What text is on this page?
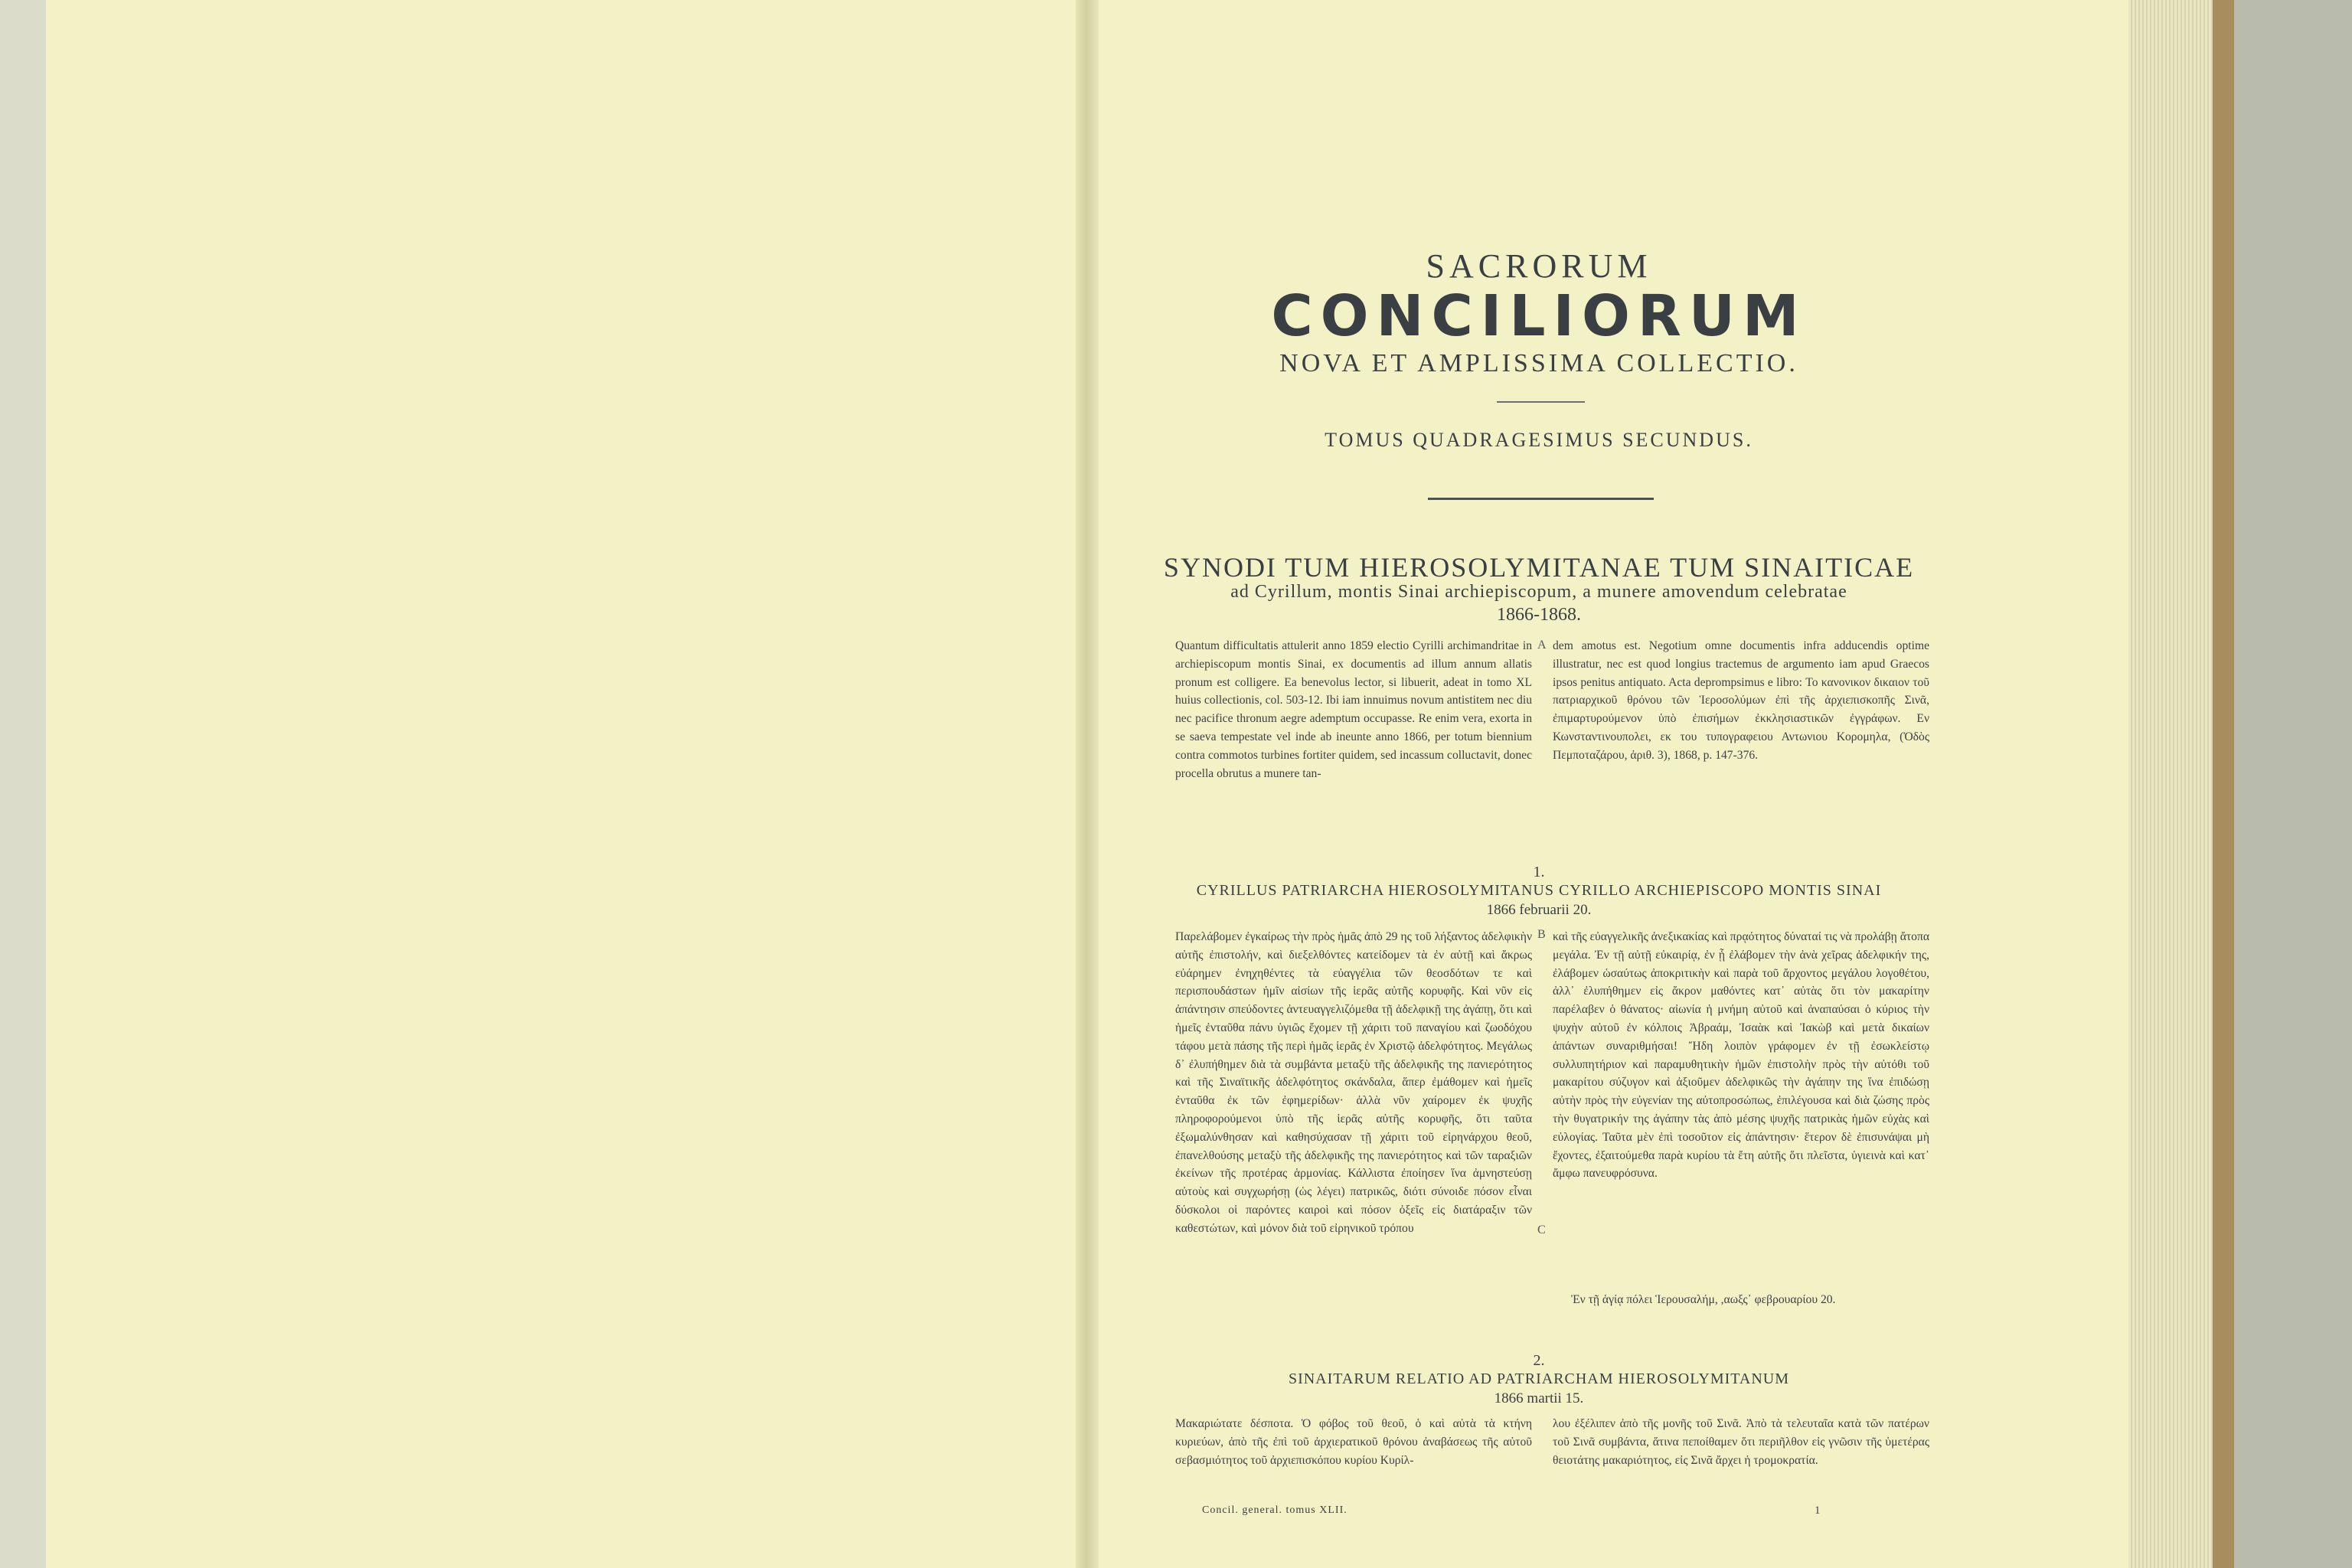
SACRORUM
CONCILIORUM
NOVA ET AMPLISSIMA COLLECTIO.
TOMUS QUADRAGESIMUS SECUNDUS.
SYNODI TUM HIEROSOLYMITANAE TUM SINAITICAE
ad Cyrillum, montis Sinai archiepiscopum, a munere amovendum celebratae
1866-1868.

Quantum difficultatis attulerit anno 1859 electio Cyrilli archimandritae in archiepiscopum montis Sinai, ex documentis ad illum annum allatis pronum est colligere. Ea benevolus lector, si libuerit, adeat in tomo XL huius collectionis, col. 503-12. Ibi iam innuimus novum antistitem nec diu nec pacifice thronum aegre ademptum occupasse. Re enim vera, exorta in se saeva tempestate vel inde ab ineunte anno 1866, per totum biennium contra commotos turbines fortiter quidem, sed incassum colluctavit, donec procella obrutus a munere tan-

dem amotus est. Negotium omne documentis infra adducendis optime illustratur, nec est quod longius tractemus de argumento iam apud Graecos ipsos penitus antiquato. Acta deprompsimus e libro: Το κανονικον δικαιον τοῦ πατριαρχικοῦ θρόνου τῶν Ἱεροσολύμων ἐπὶ τῆς ἀρχιεπισκοπῆς Σινᾶ, ἐπιμαρτυρούμενον ὑπὸ ἐπισήμων ἐκκλησιαστικῶν ἐγγράφων. Εν Κωνσταντινουπολει, εκ του τυπογραφειου Αντωνιου Κορομηλα, (Ὁδὸς Πεμποταζάρου, ἀριθ. 3), 1868, p. 147-376.

A
1.
CYRILLUS PATRIARCHA HIEROSOLYMITANUS CYRILLO ARCHIEPISCOPO MONTIS SINAI
1866 februarii 20.

Παρελάβομεν ἐγκαίρως τὴν πρὸς ἡμᾶς ἀπὸ 29 ης τοῦ λήξαντος ἀδελφικὴν αὐτῆς ἐπιστολήν, καὶ διεξελθόντες κατείδομεν τὰ ἐν αὐτῇ καὶ ἄκρως εὐάρημεν ἐνηχηθέντες τὰ εὐαγγέλια τῶν θεοσδότων τε καὶ περισπουδάστων ἡμῖν αἰσίων τῆς ἱερᾶς αὐτῆς κορυφῆς. Καὶ νῦν εἰς ἀπάντησιν σπεύδοντες ἀντευαγγελιζόμεθα τῇ ἀδελφικῇ της ἀγάπῃ, ὅτι καὶ ἡμεῖς ἐνταῦθα πάνυ ὑγιῶς ἔχομεν τῇ χάριτι τοῦ παναγίου καὶ ζωοδόχου τάφου μετὰ πάσης τῆς περὶ ἡμᾶς ἱερᾶς ἐν Χριστῷ ἀδελφότητος. Μεγάλως δ᾽ ἐλυπήθημεν διὰ τὰ συμβάντα μεταξὺ τῆς ἀδελφικῆς της πανιερότητος καὶ τῆς Σιναϊτικῆς ἀδελφότητος σκάνδαλα, ἅπερ ἐμάθομεν καὶ ἡμεῖς ἐνταῦθα ἐκ τῶν ἐφημερίδων· ἀλλὰ νῦν χαίρομεν ἐκ ψυχῆς πληροφορούμενοι ὑπὸ τῆς ἱερᾶς αὐτῆς κορυφῆς, ὅτι ταῦτα ἐξωμαλύνθησαν καὶ καθησύχασαν τῇ χάριτι τοῦ εἰρηνάρχου θεοῦ, ἐπανελθούσης μεταξὺ τῆς ἀδελφικῆς της πανιερότητος καὶ τῶν ταραξιῶν ἐκείνων τῆς προτέρας ἁρμονίας. Κάλλιστα ἐποίησεν ἵνα ἀμνηστεύσῃ αὐτοὺς καὶ συγχωρήσῃ (ὡς λέγει) πατρικῶς, διότι σύνοιδε πόσον εἶναι δύσκολοι οἱ παρόντες καιροὶ καὶ πόσον ὀξεῖς εἰς διατάραξιν τῶν καθεστώτων, καὶ μόνον διὰ τοῦ εἰρηνικοῦ τρόπου

καὶ τῆς εὐαγγελικῆς ἀνεξικακίας καὶ πρᾳότητος δύναταί τις νὰ προλάβῃ ἄτοπα μεγάλα. Ἐν τῇ αὐτῇ εὐκαιρίᾳ, ἐν ᾗ ἐλάβομεν τὴν ἀνὰ χεῖρας ἀδελφικήν της, ἐλάβομεν ὡσαύτως ἀποκριτικὴν καὶ παρὰ τοῦ ἄρχοντος μεγάλου λογοθέτου, ἀλλ᾽ ἐλυπήθημεν εἰς ἄκρον μαθόντες κατ᾽ αὐτὰς ὅτι τὸν μακαρίτην παρέλαβεν ὁ θάνατος· αἰωνία ἡ μνήμη αὐτοῦ καὶ ἀναπαύσαι ὁ κύριος τὴν ψυχὴν αὐτοῦ ἐν κόλποις Ἀβραάμ, Ἰσαὰκ καὶ Ἰακὼβ καὶ μετὰ δικαίων ἁπάντων συναριθμήσαι! Ἤδη λοιπὸν γράφομεν ἐν τῇ ἐσωκλείστῳ συλλυπητήριον καὶ παραμυθητικὴν ἡμῶν ἐπιστολὴν πρὸς τὴν αὐτόθι τοῦ μακαρίτου σύζυγον καὶ ἀξιοῦμεν ἀδελφικῶς τὴν ἀγάπην της ἵνα ἐπιδώσῃ αὐτὴν πρὸς τὴν εὐγενίαν της αὐτοπροσώπως, ἐπιλέγουσα καὶ διὰ ζώσης πρὸς τὴν θυγατρικήν της ἀγάπην τὰς ἀπὸ μέσης ψυχῆς πατρικὰς ἡμῶν εὐχὰς καὶ εὐλογίας. Ταῦτα μὲν ἐπὶ τοσοῦτον εἰς ἀπάντησιν· ἕτερον δὲ ἐπισυνάψαι μὴ ἔχοντες, ἐξαιτούμεθα παρὰ κυρίου τὰ ἔτη αὐτῆς ὅτι πλεῖστα, ὑγιεινὰ καὶ κατ᾽ ἄμφω πανευφρόσυνα.

B
C

Ἐν τῇ ἁγίᾳ πόλει Ἱερουσαλήμ, ,αωξς᾽ φεβρουαρίου 20.

2.
SINAITARUM RELATIO AD PATRIARCHAM HIEROSOLYMITANUM
1866 martii 15.

Μακαριώτατε δέσποτα. Ὁ φόβος τοῦ θεοῦ, ὁ καὶ αὐτὰ τὰ κτήνη κυριεύων, ἀπὸ τῆς ἐπὶ τοῦ ἀρχιερατικοῦ θρόνου ἀναβάσεως τῆς αὐτοῦ σεβασμιότητος τοῦ ἀρχιεπισκόπου κυρίου Κυρίλ-

λου ἐξέλιπεν ἀπὸ τῆς μονῆς τοῦ Σινᾶ. Ἀπὸ τὰ τελευταῖα κατὰ τῶν πατέρων τοῦ Σινᾶ συμβάντα, ἅτινα πεποίθαμεν ὅτι περιῆλθον εἰς γνῶσιν τῆς ὑμετέρας θειοτάτης μακαριότητος, εἰς Σινᾶ ἄρχει ἡ τρομοκρατία.

Concil. general. tomus XLII.	1
